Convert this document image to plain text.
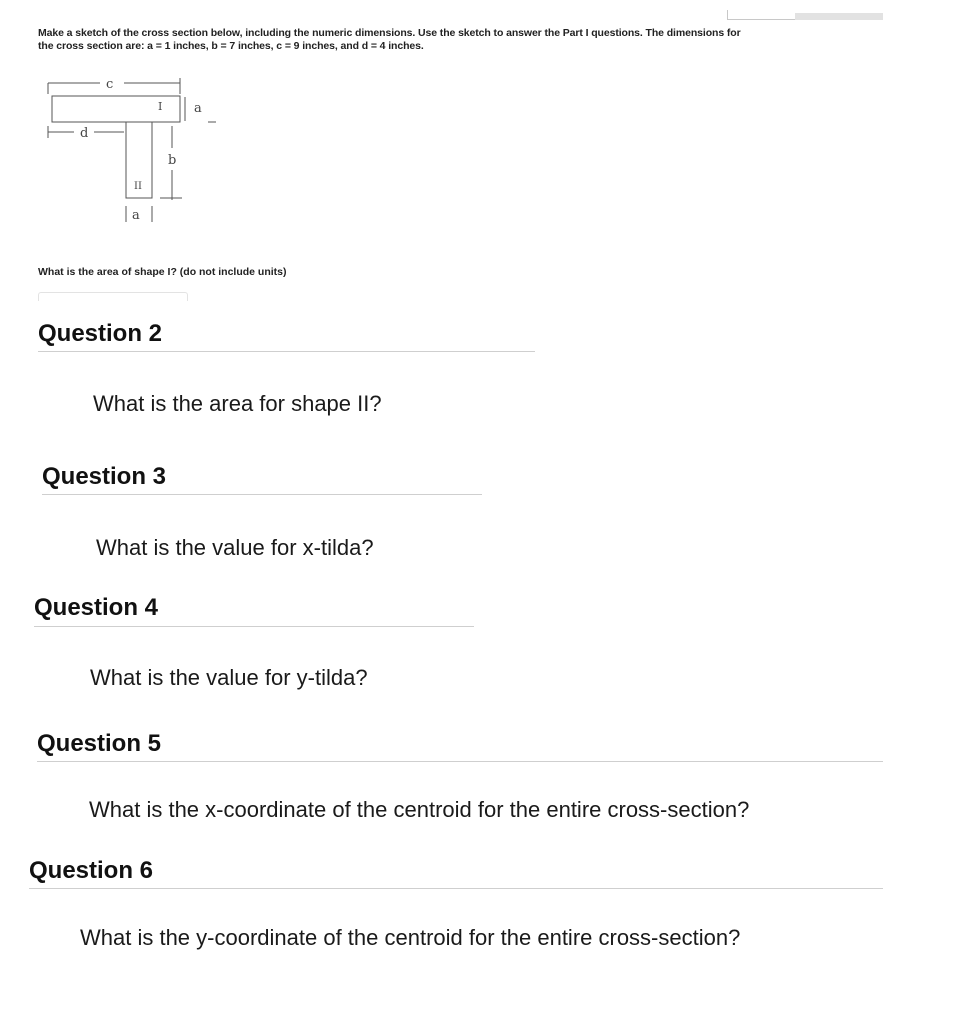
Make a sketch of the cross section below, including the numeric dimensions. Use the sketch to answer the Part I questions. The dimensions for
the cross section are: a = 1 inches, b = 7 inches, c = 9 inches, and d = 4 inches.
c
I a
d
b
II
a
What is the area of shape I? (do not include units)
Question 2
What is the area for shape II?
Question 3
What is the value for x-tilda?
Question 4
What is the value for y-tilda?
Question 5
What is the x-coordinate of the centroid for the entire cross-section?
Question 6
What is the y-coordinate of the centroid for the entire cross-section?
